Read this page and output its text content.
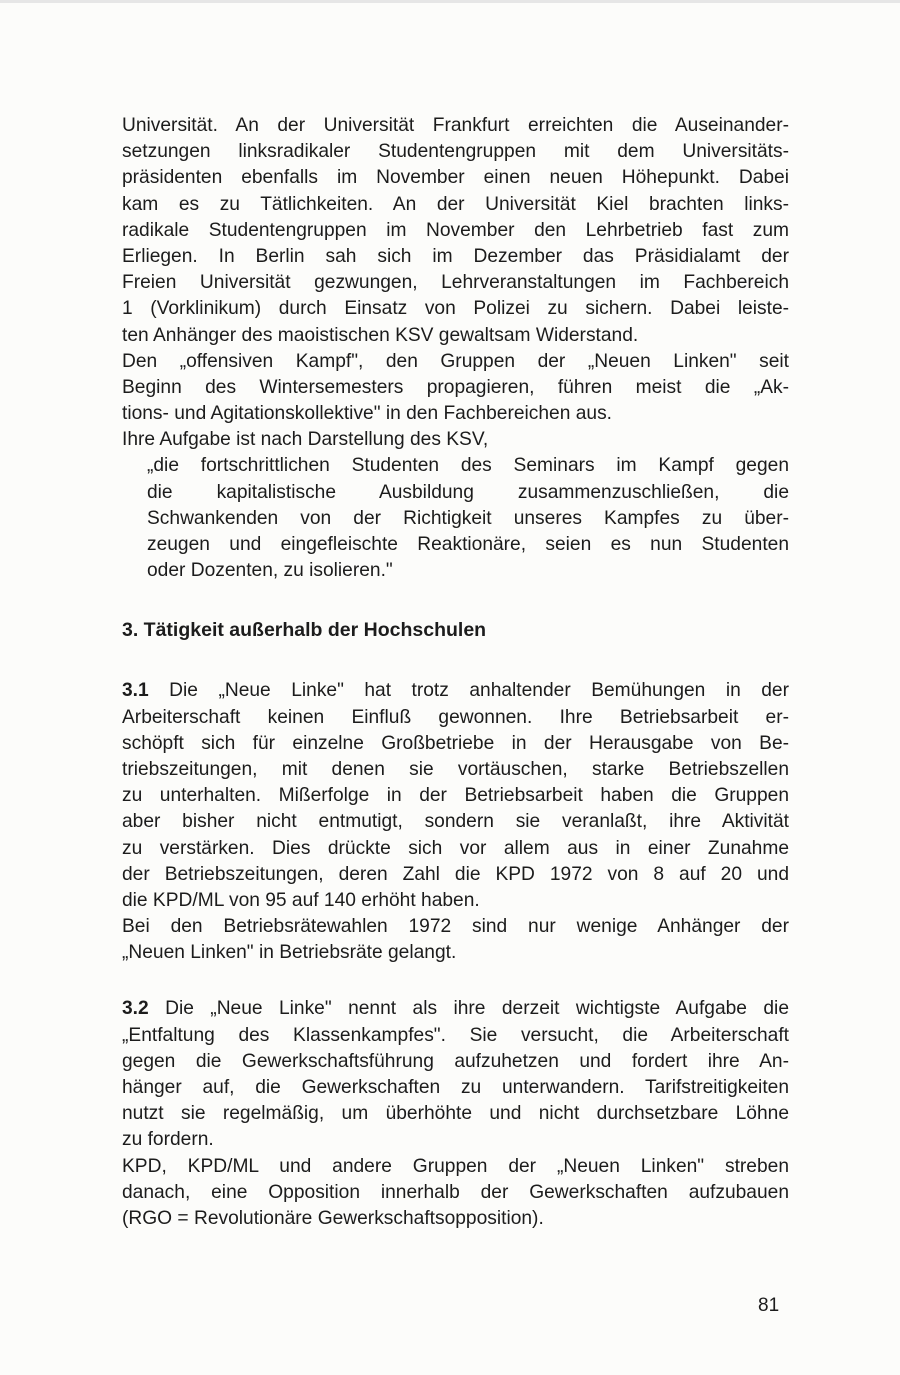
Universität. An der Universität Frankfurt erreichten die Auseinander-
setzungen linksradikaler Studentengruppen mit dem Universitäts-
präsidenten ebenfalls im November einen neuen Höhepunkt. Dabei
kam es zu Tätlichkeiten. An der Universität Kiel brachten links-
radikale Studentengruppen im November den Lehrbetrieb fast zum
Erliegen. In Berlin sah sich im Dezember das Präsidialamt der
Freien Universität gezwungen, Lehrveranstaltungen im Fachbereich
1 (Vorklinikum) durch Einsatz von Polizei zu sichern. Dabei leiste-
ten Anhänger des maoistischen KSV gewaltsam Widerstand.
Den „offensiven Kampf", den Gruppen der „Neuen Linken" seit
Beginn des Wintersemesters propagieren, führen meist die „Ak-
tions- und Agitationskollektive" in den Fachbereichen aus.
Ihre Aufgabe ist nach Darstellung des KSV,
„die fortschrittlichen Studenten des Seminars im Kampf gegen
die kapitalistische Ausbildung zusammenzuschließen, die
Schwankenden von der Richtigkeit unseres Kampfes zu über-
zeugen und eingefleischte Reaktionäre, seien es nun Studenten
oder Dozenten, zu isolieren."
3. Tätigkeit außerhalb der Hochschulen
3.1 Die „Neue Linke" hat trotz anhaltender Bemühungen in der
Arbeiterschaft keinen Einfluß gewonnen. Ihre Betriebsarbeit er-
schöpft sich für einzelne Großbetriebe in der Herausgabe von Be-
triebszeitungen, mit denen sie vortäuschen, starke Betriebszellen
zu unterhalten. Mißerfolge in der Betriebsarbeit haben die Gruppen
aber bisher nicht entmutigt, sondern sie veranlaßt, ihre Aktivität
zu verstärken. Dies drückte sich vor allem aus in einer Zunahme
der Betriebszeitungen, deren Zahl die KPD 1972 von 8 auf 20 und
die KPD/ML von 95 auf 140 erhöht haben.
Bei den Betriebsrätewahlen 1972 sind nur wenige Anhänger der
„Neuen Linken" in Betriebsräte gelangt.
3.2 Die „Neue Linke" nennt als ihre derzeit wichtigste Aufgabe die
„Entfaltung des Klassenkampfes". Sie versucht, die Arbeiterschaft
gegen die Gewerkschaftsführung aufzuhetzen und fordert ihre An-
hänger auf, die Gewerkschaften zu unterwandern. Tarifstreitigkeiten
nutzt sie regelmäßig, um überhöhte und nicht durchsetzbare Löhne
zu fordern.
KPD, KPD/ML und andere Gruppen der „Neuen Linken" streben
danach, eine Opposition innerhalb der Gewerkschaften aufzubauen
(RGO = Revolutionäre Gewerkschaftsopposition).
81
